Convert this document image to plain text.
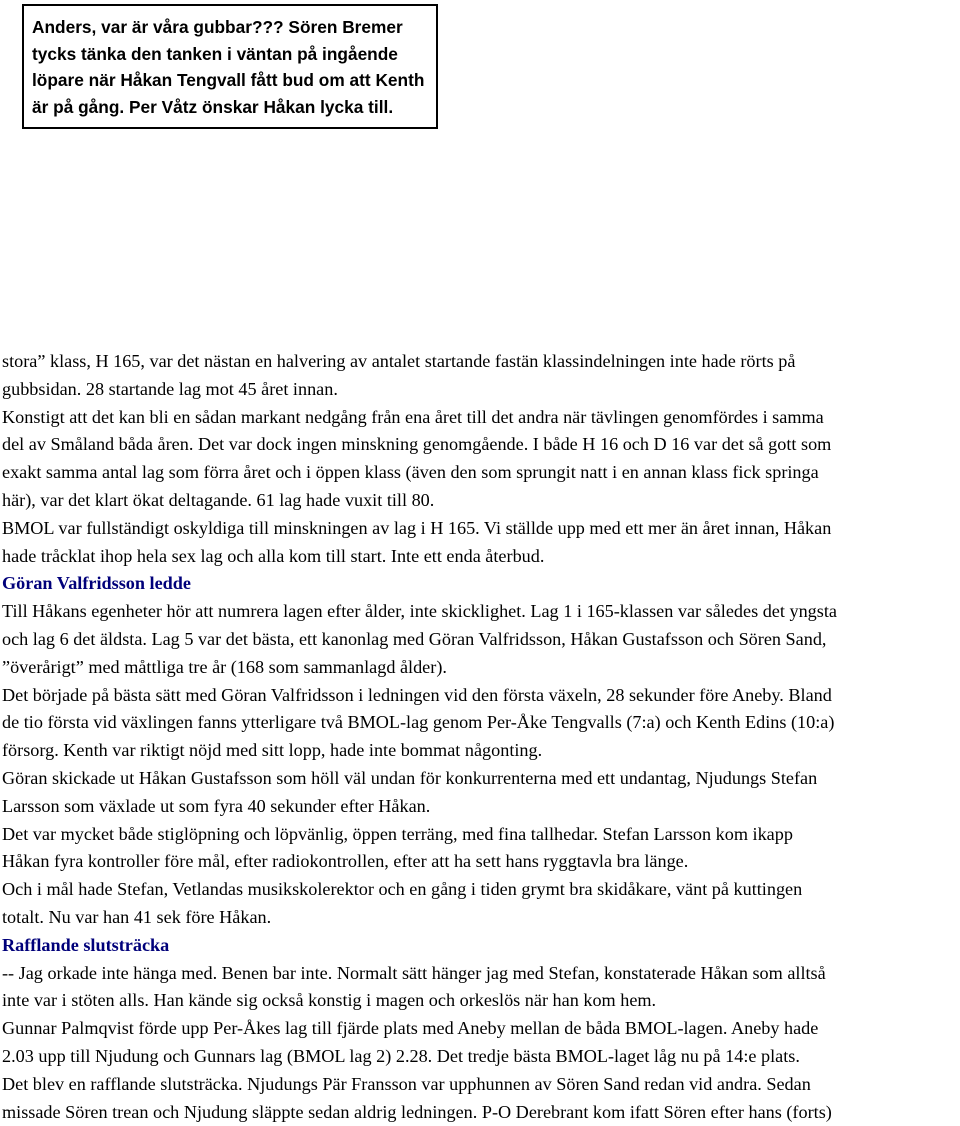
Anders, var är våra gubbar??? Sören Bremer
tycks tänka den tanken i väntan på ingående
löpare när Håkan Tengvall fått bud om att Kenth
är på gång. Per Våtz önskar Håkan lycka till.

stora” klass, H 165, var det nästan en halvering av antalet startande fastän klassindelningen inte hade rörts på

gubbsidan. 28 startande lag mot 45 året innan.

Konstigt att det kan bli en sådan markant nedgång från ena året till det andra när tävlingen genomfördes i samma

del av Småland båda åren. Det var dock ingen minskning genomgående. I både H 16 och D 16 var det så gott som

exakt samma antal lag som förra året och i öppen klass (även den som sprungit natt i en annan klass fick springa

här), var det klart ökat deltagande. 61 lag hade vuxit till 80.

BMOL var fullständigt oskyldiga till minskningen av lag i H 165. Vi ställde upp med ett mer än året innan, Håkan

hade tråcklat ihop hela sex lag och alla kom till start. Inte ett enda återbud.

Göran Valfridsson ledde

Till Håkans egenheter hör att numrera lagen efter ålder, inte skicklighet. Lag 1 i 165-klassen var således det yngsta

och lag 6 det äldsta. Lag 5 var det bästa, ett kanonlag med Göran Valfridsson, Håkan Gustafsson och Sören Sand,

”överårigt” med måttliga tre år (168 som sammanlagd ålder).

Det började på bästa sätt med Göran Valfridsson i ledningen vid den första växeln, 28 sekunder före Aneby. Bland

de tio första vid växlingen fanns ytterligare två BMOL-lag genom Per-Åke Tengvalls (7:a) och Kenth Edins (10:a)

försorg. Kenth var riktigt nöjd med sitt lopp, hade inte bommat någonting.

Göran skickade ut Håkan Gustafsson som höll väl undan för konkurrenterna med ett undantag, Njudungs Stefan

Larsson som växlade ut som fyra 40 sekunder efter Håkan.

Det var mycket både stiglöpning och löpvänlig, öppen terräng, med fina tallhedar. Stefan Larsson kom ikapp

Håkan fyra kontroller före mål, efter radiokontrollen, efter att ha sett hans ryggtavla bra länge.

Och i mål hade Stefan, Vetlandas musikskolerektor och en gång i tiden grymt bra skidåkare, vänt på kuttingen

totalt. Nu var han 41 sek före Håkan.

Rafflande slutsträcka

-- Jag orkade inte hänga med. Benen bar inte. Normalt sätt hänger jag med Stefan, konstaterade Håkan som alltså

inte var i stöten alls. Han kände sig också konstig i magen och orkeslös när han kom hem.

Gunnar Palmqvist förde upp Per-Åkes lag till fjärde plats med Aneby mellan de båda BMOL-lagen. Aneby hade

2.03 upp till Njudung och Gunnars lag (BMOL lag 2) 2.28. Det tredje bästa BMOL-laget låg nu på 14:e plats.

Det blev en rafflande slutsträcka. Njudungs Pär Fransson var upphunnen av Sören Sand redan vid andra. Sedan

missade Sören trean och Njudung släppte sedan aldrig ledningen. P-O Derebrant kom ifatt Sören efter hans (forts)
